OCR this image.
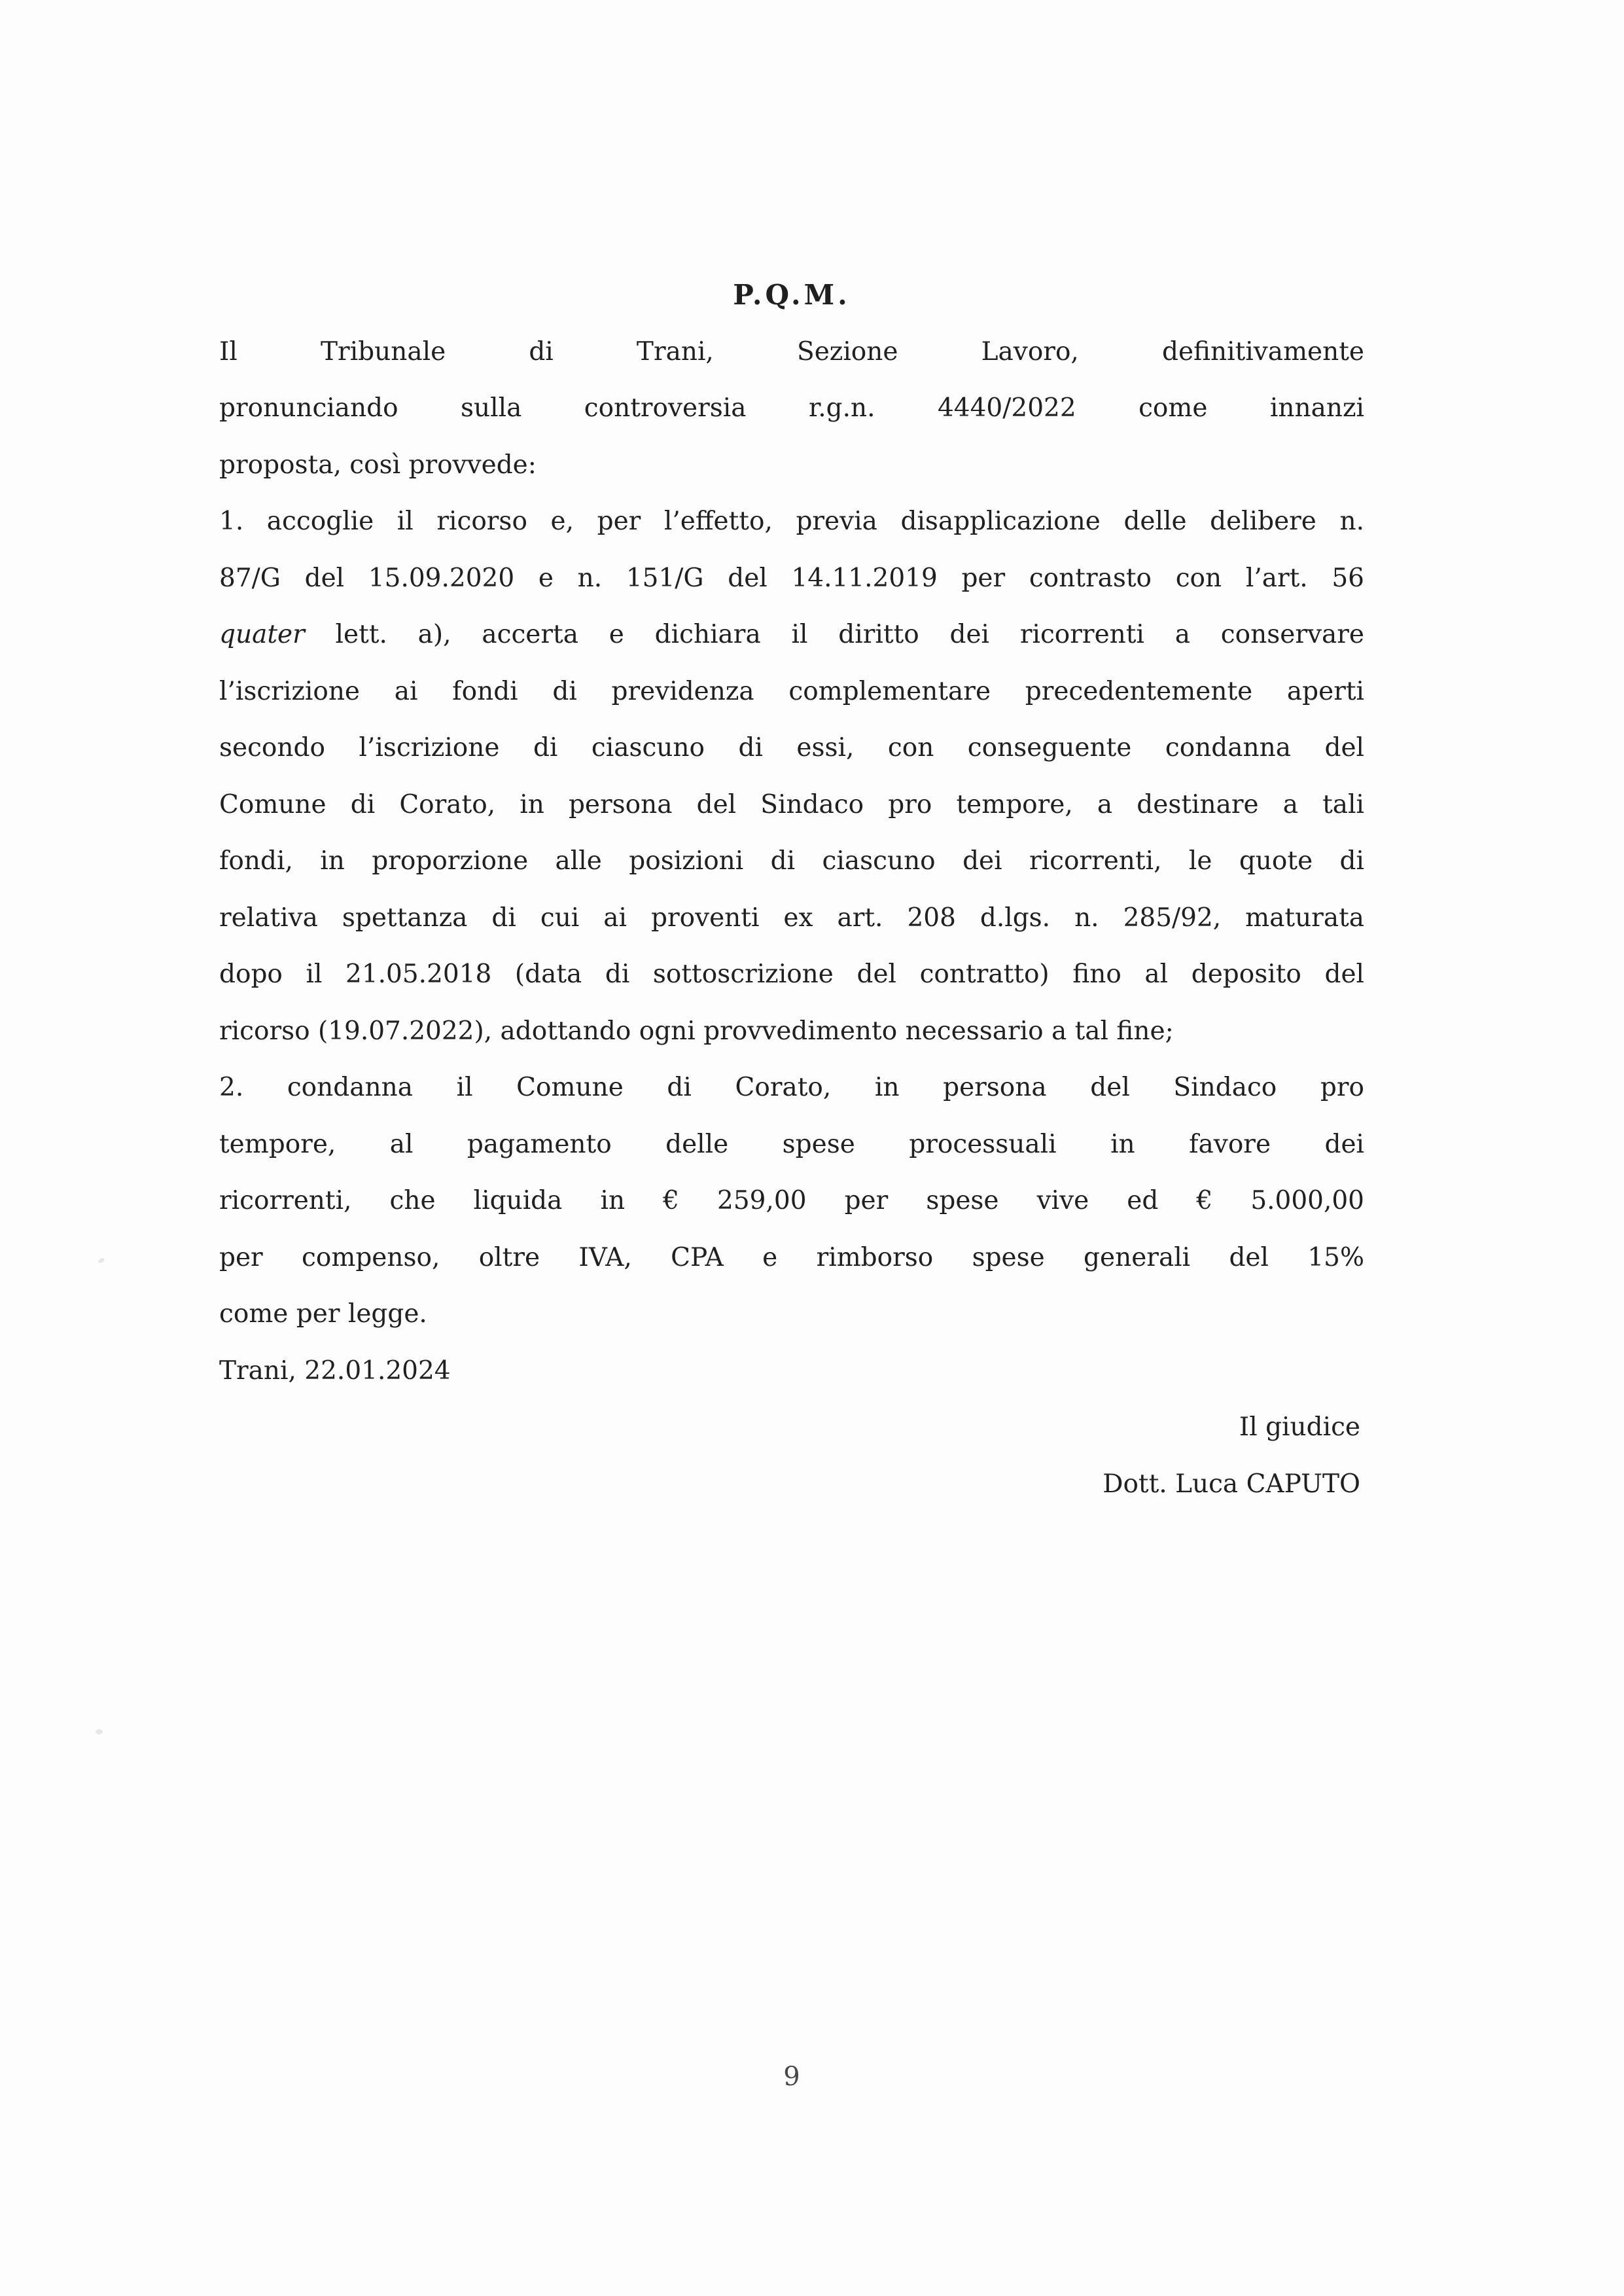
P.Q.M.
Il Tribunale di Trani, Sezione Lavoro, definitivamente
pronunciando sulla controversia r.g.n. 4440/2022 come innanzi
proposta, così provvede:
1. accoglie il ricorso e, per l’effetto, previa disapplicazione delle delibere n.
87/G del 15.09.2020 e n. 151/G del 14.11.2019 per contrasto con l’art. 56
quater lett. a), accerta e dichiara il diritto dei ricorrenti a conservare
l’iscrizione ai fondi di previdenza complementare precedentemente aperti
secondo l’iscrizione di ciascuno di essi, con conseguente condanna del
Comune di Corato, in persona del Sindaco pro tempore, a destinare a tali
fondi, in proporzione alle posizioni di ciascuno dei ricorrenti, le quote di
relativa spettanza di cui ai proventi ex art. 208 d.lgs. n. 285/92, maturata
dopo il 21.05.2018 (data di sottoscrizione del contratto) fino al deposito del
ricorso (19.07.2022), adottando ogni provvedimento necessario a tal fine;
2. condanna il Comune di Corato, in persona del Sindaco pro
tempore, al pagamento delle spese processuali in favore dei
ricorrenti, che liquida in € 259,00 per spese vive ed € 5.000,00
per compenso, oltre IVA, CPA e rimborso spese generali del 15%
come per legge.
Trani, 22.01.2024
Il giudice
Dott. Luca CAPUTO
9
